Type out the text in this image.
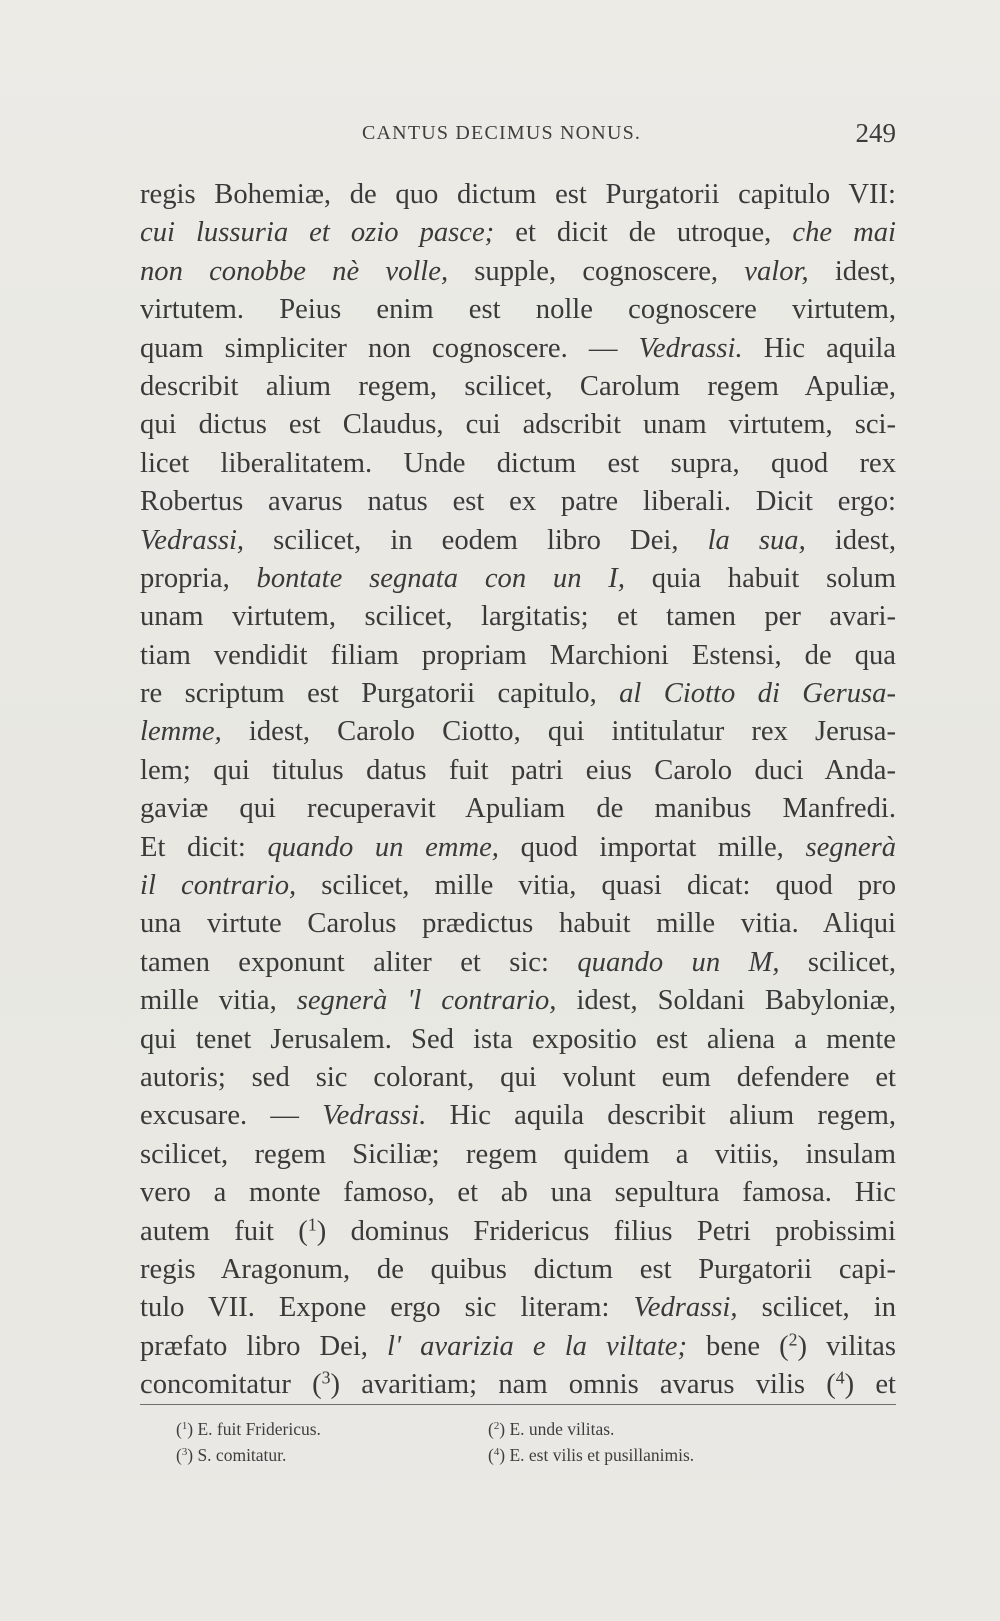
CANTUS DECIMUS NONUS.	249
regis Bohemiæ, de quo dictum est Purgatorii capitulo VII:
cui lussuria et ozio pasce; et dicit de utroque, che mai
non conobbe nè volle, supple, cognoscere, valor, idest,
virtutem. Peius enim est nolle cognoscere virtutem,
quam simpliciter non cognoscere. — Vedrassi. Hic aquila
describit alium regem, scilicet, Carolum regem Apuliæ,
qui dictus est Claudus, cui adscribit unam virtutem, sci-
licet liberalitatem. Unde dictum est supra, quod rex
Robertus avarus natus est ex patre liberali. Dicit ergo:
Vedrassi, scilicet, in eodem libro Dei, la sua, idest,
propria, bontate segnata con un I, quia habuit solum
unam virtutem, scilicet, largitatis; et tamen per avari-
tiam vendidit filiam propriam Marchioni Estensi, de qua
re scriptum est Purgatorii capitulo, al Ciotto di Gerusa-
lemme, idest, Carolo Ciotto, qui intitulatur rex Jerusa-
lem; qui titulus datus fuit patri eius Carolo duci Anda-
gaviæ qui recuperavit Apuliam de manibus Manfredi.
Et dicit: quando un emme, quod importat mille, segnerà
il contrario, scilicet, mille vitia, quasi dicat: quod pro
una virtute Carolus prædictus habuit mille vitia. Aliqui
tamen exponunt aliter et sic: quando un M, scilicet,
mille vitia, segnerà 'l contrario, idest, Soldani Babyloniæ,
qui tenet Jerusalem. Sed ista expositio est aliena a mente
autoris; sed sic colorant, qui volunt eum defendere et
excusare. — Vedrassi. Hic aquila describit alium regem,
scilicet, regem Siciliæ; regem quidem a vitiis, insulam
vero a monte famoso, et ab una sepultura famosa. Hic
autem fuit ($^1$) dominus Fridericus filius Petri probissimi
regis Aragonum, de quibus dictum est Purgatorii capi-
tulo VII. Expone ergo sic literam: Vedrassi, scilicet, in
præfato libro Dei, l' avarizia e la viltate; bene ($^2$) vilitas
concomitatur ($^3$) avaritiam; nam omnis avarus vilis ($^4$) et
($^1$) E. fuit Fridericus.	($^2$) E. unde vilitas.
($^3$) S. comitatur.	($^4$) E. est vilis et pusillanimis.
